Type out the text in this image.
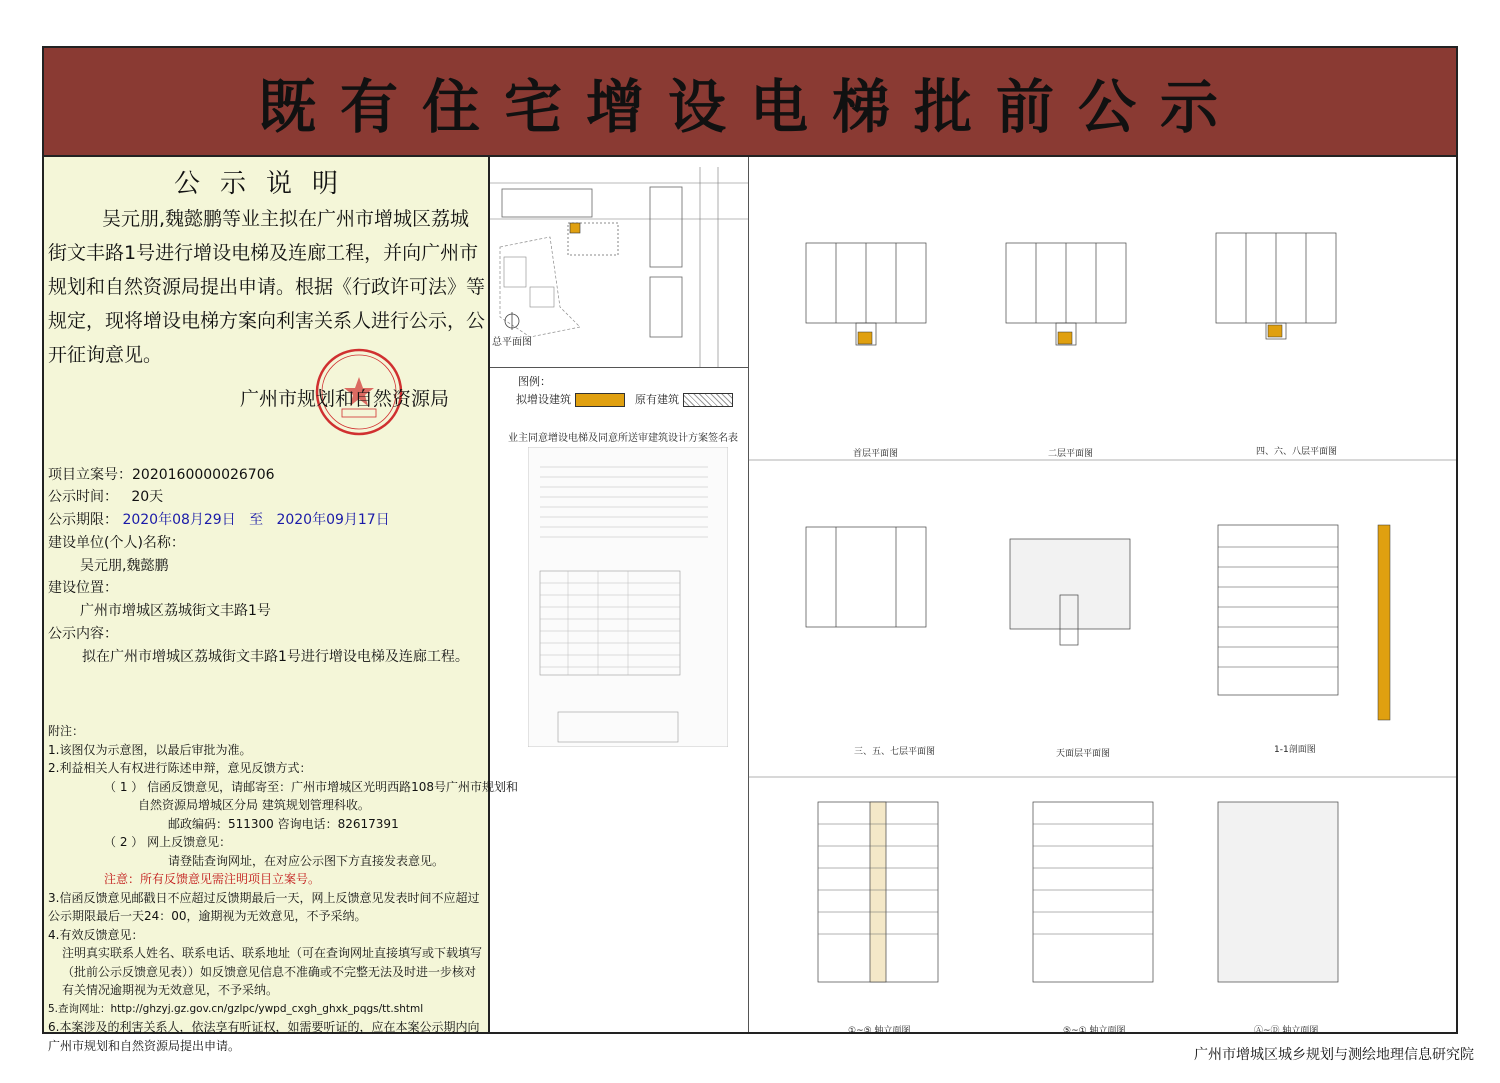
既有住宅增设电梯批前公示
公示说明
吴元朋,魏懿鹏等业主拟在广州市增城区荔城街文丰路1号进行增设电梯及连廊工程，并向广州市规划和自然资源局提出申请。根据《行政许可法》等规定，现将增设电梯方案向利害关系人进行公示，公开征询意见。
广州市规划和自然资源局
项目立案号：2020160000026706
公示时间： 20天
公示期限： 2020年08月29日 至 2020年09月17日
建设单位(个人)名称：
吴元朋,魏懿鹏
建设位置：
广州市增城区荔城街文丰路1号
公示内容：
拟在广州市增城区荔城街文丰路1号进行增设电梯及连廊工程。
附注：
1.该图仅为示意图，以最后审批为准。
2.利益相关人有权进行陈述申辩，意见反馈方式：
（ 1 ） 信函反馈意见，请邮寄至：广州市增城区光明西路108号广州市规划和
自然资源局增城区分局 建筑规划管理科收。
邮政编码：511300 咨询电话：82617391
（ 2 ） 网上反馈意见：
请登陆查询网址，在对应公示图下方直接发表意见。
注意：所有反馈意见需注明项目立案号。
3.信函反馈意见邮戳日不应超过反馈期最后一天，网上反馈意见发表时间不应超过公示期限最后一天24：00，逾期视为无效意见，不予采纳。
4.有效反馈意见：
注明真实联系人姓名、联系电话、联系地址（可在查询网址直接填写或下载填写（批前公示反馈意见表））如反馈意见信息不准确或不完整无法及时进一步核对有关情况逾期视为无效意见，不予采纳。
5.查询网址：http://ghzyj.gz.gov.cn/gzlpc/ywpd_cxgh_ghxk_pqgs/tt.shtml
6.本案涉及的利害关系人，依法享有听证权，如需要听证的，应在本案公示期内向广州市规划和自然资源局提出申请。
总平面图
图例：
拟增设建筑	原有建筑
业主同意增设电梯及同意所送审建筑设计方案签名表
首层平面图	二层平面图	四、六、八层平面图
三、五、七层平面图	天面层平面图	1-1剖面图
①~⑤ 轴立面图	⑤~① 轴立面图	Ⓐ~Ⓓ 轴立面图
广州市增城区城乡规划与测绘地理信息研究院
